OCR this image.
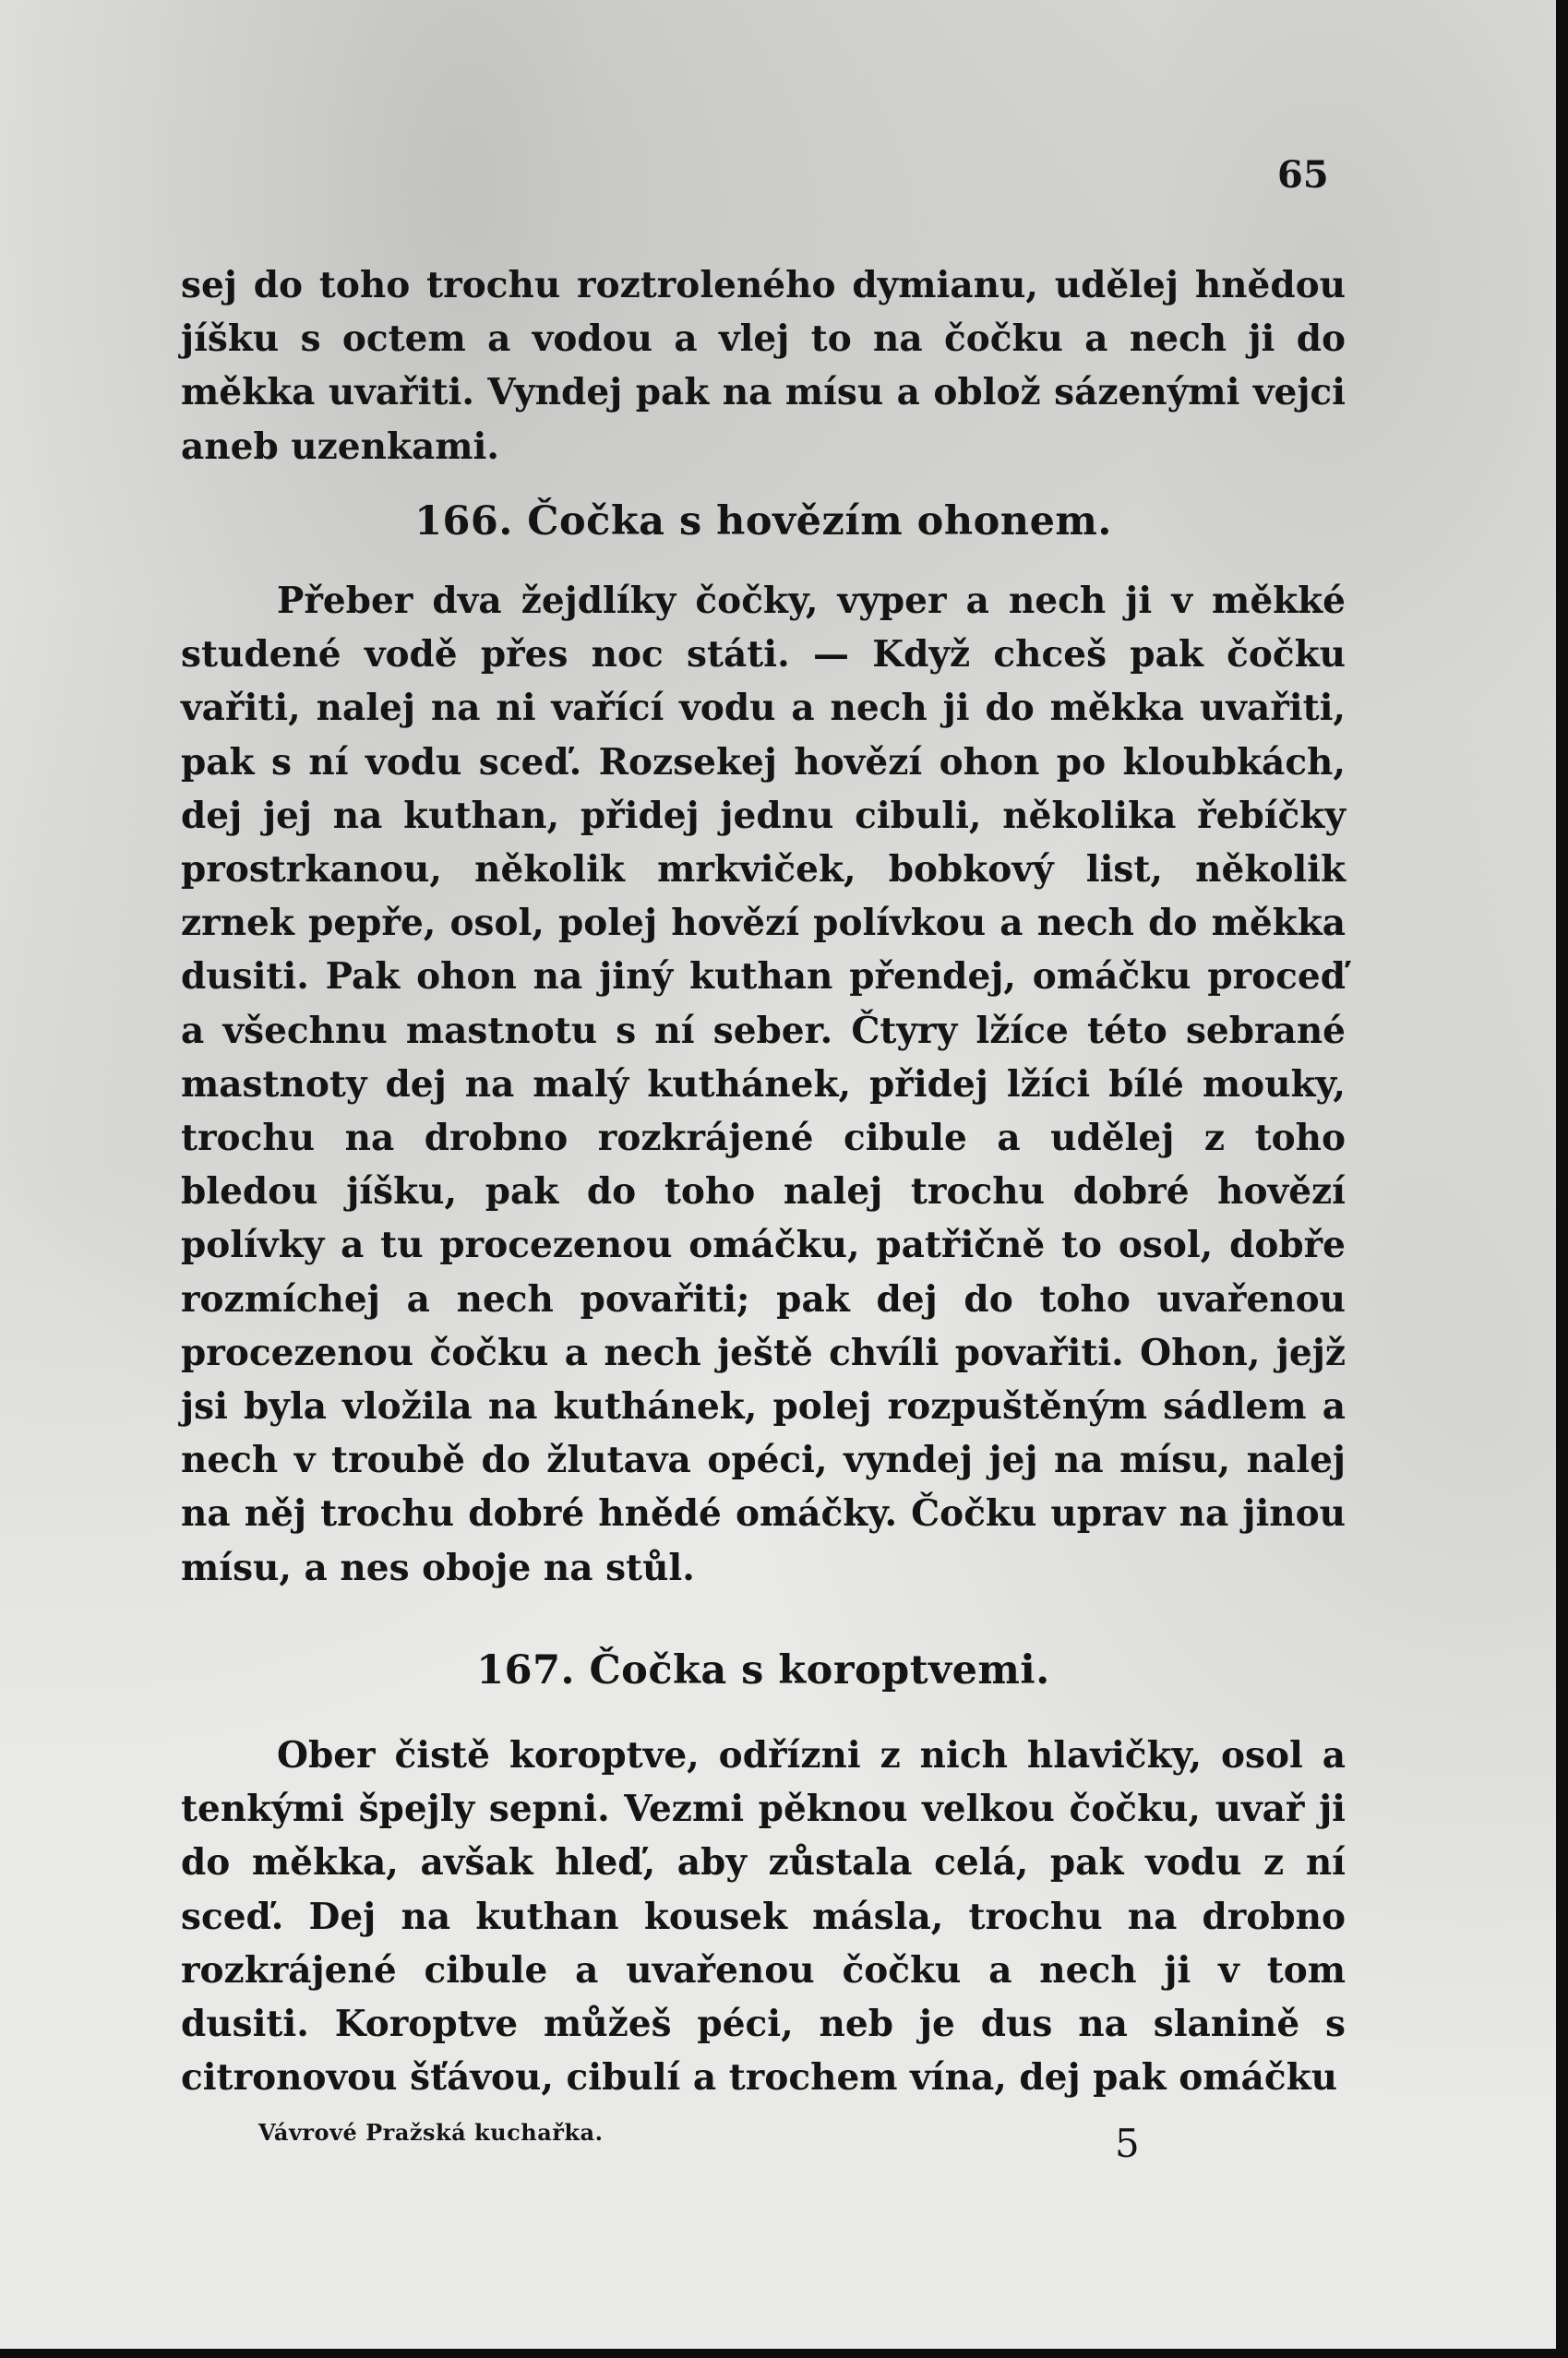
65

sej do toho trochu roztroleného dymianu, udělej hnědou jíšku s octem a vodou a vlej to na čočku a nech ji do měkka uvařiti. Vyndej pak na mísu a oblož sázenými vejci aneb uzenkami.

166. Čočka s hovězím ohonem.

Přeber dva žejdlíky čočky, vyper a nech ji v měkké studené vodě přes noc státi. — Když chceš pak čočku vařiti, nalej na ni vařící vodu a nech ji do měkka uvařiti, pak s ní vodu sceď. Rozsekej hovězí ohon po kloubkách, dej jej na kuthan, přidej jednu cibuli, několika řebíčky prostrkanou, několik mrkviček, bobkový list, několik zrnek pepře, osol, polej hovězí polívkou a nech do měkka dusiti. Pak ohon na jiný kuthan přendej, omáčku proceď a všechnu mastnotu s ní seber. Čtyry lžíce této sebrané mastnoty dej na malý kuthánek, přidej lžíci bílé mouky, trochu na drobno rozkrájené cibule a udělej z toho bledou jíšku, pak do toho nalej trochu dobré hovězí polívky a tu procezenou omáčku, patřičně to osol, dobře rozmíchej a nech povařiti; pak dej do toho uvařenou procezenou čočku a nech ještě chvíli povařiti. Ohon, jejž jsi byla vložila na kuthánek, polej rozpuštěným sádlem a nech v troubě do žlutava opéci, vyndej jej na mísu, nalej na něj trochu dobré hnědé omáčky. Čočku uprav na jinou mísu, a nes oboje na stůl.

167. Čočka s koroptvemi.

Ober čistě koroptve, odřízni z nich hlavičky, osol a tenkými špejly sepni. Vezmi pěknou velkou čočku, uvař ji do měkka, avšak hleď, aby zůstala celá, pak vodu z ní sceď. Dej na kuthan kousek másla, trochu na drobno rozkrájené cibule a uvařenou čočku a nech ji v tom dusiti. Koroptve můžeš péci, neb je dus na slanině s citronovou šťávou, cibulí a trochem vína, dej pak omáčku

Vávrové Pražská kuchařka.	5
